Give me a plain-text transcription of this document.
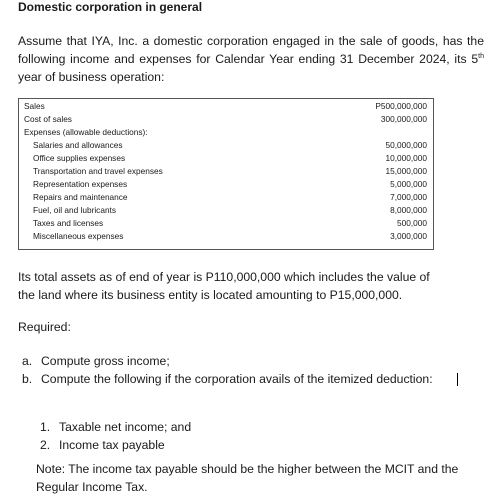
Domestic corporation in general

Assume that IYA, Inc. a domestic corporation engaged in the sale of goods, has the following income and expenses for Calendar Year ending 31 December 2024, its 5th year of business operation:

Sales	P500,000,000
Cost of sales	300,000,000
Expenses (allowable deductions):
Salaries and allowances	50,000,000
Office supplies expenses	10,000,000
Transportation and travel expenses	15,000,000
Representation expenses	5,000,000
Repairs and maintenance	7,000,000
Fuel, oil and lubricants	8,000,000
Taxes and licenses	500,000
Miscellaneous expenses	3,000,000

Its total assets as of end of year is P110,000,000 which includes the value of the land where its business entity is located amounting to P15,000,000.

Required:
a. Compute gross income;
b. Compute the following if the corporation avails of the itemized deduction:
1. Taxable net income; and
2. Income tax payable

Note: The income tax payable should be the higher between the MCIT and the Regular Income Tax.
